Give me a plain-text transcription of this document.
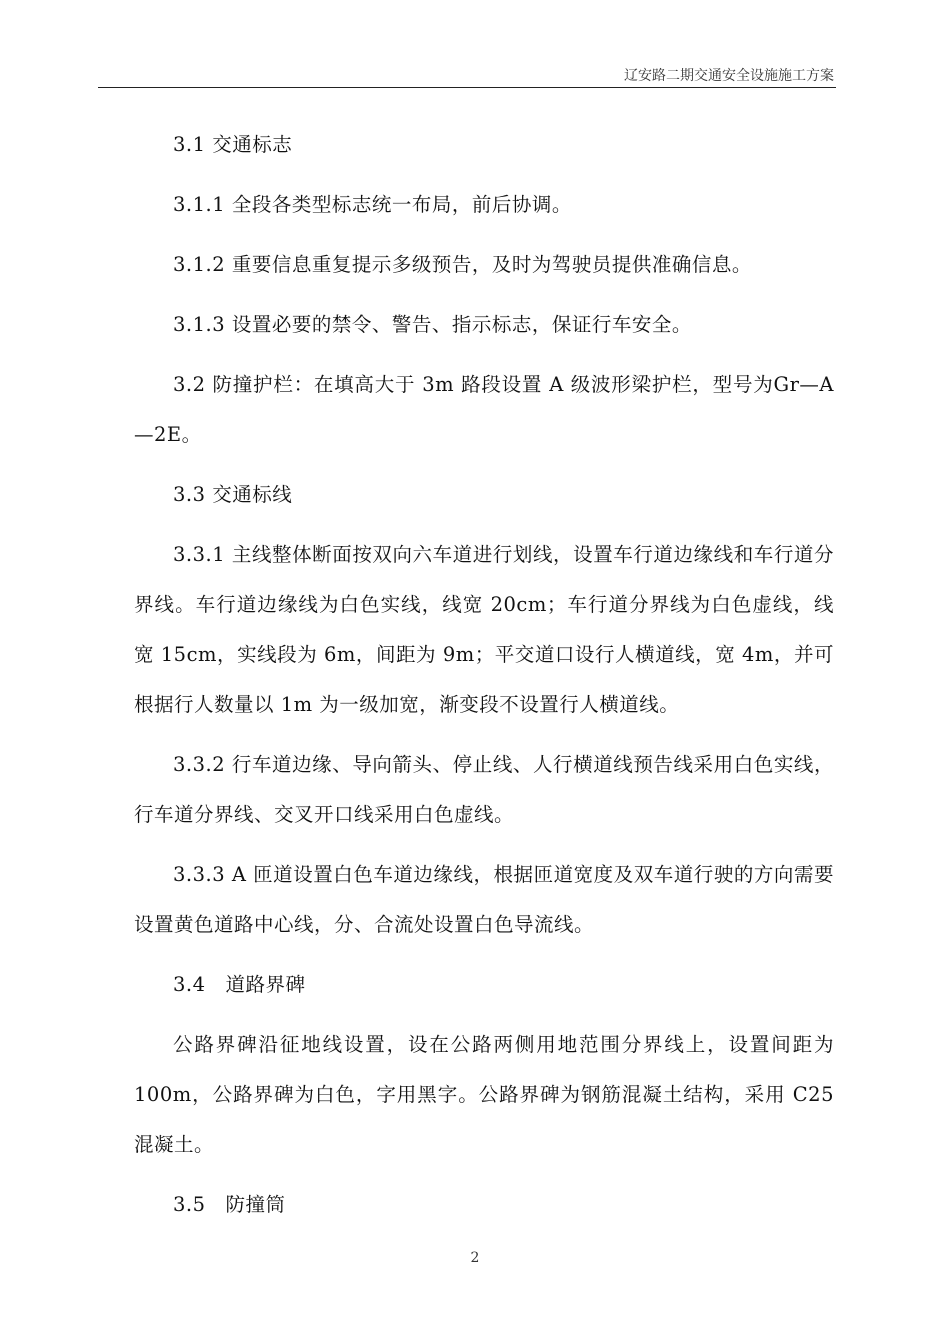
辽安路二期交通安全设施施工方案

3.1 交通标志

3.1.1 全段各类型标志统一布局，前后协调。

3.1.2 重要信息重复提示多级预告，及时为驾驶员提供准确信息。

3.1.3 设置必要的禁令、警告、指示标志，保证行车安全。

3.2 防撞护栏：在填高大于 3m 路段设置 A 级波形梁护栏，型号为Gr—A—2E。

3.3 交通标线

3.3.1 主线整体断面按双向六车道进行划线，设置车行道边缘线和车行道分界线。车行道边缘线为白色实线，线宽 20cm；车行道分界线为白色虚线，线宽 15cm，实线段为 6m，间距为 9m；平交道口设行人横道线，宽 4m，并可根据行人数量以 1m 为一级加宽，渐变段不设置行人横道线。

3.3.2 行车道边缘、导向箭头、停止线、人行横道线预告线采用白色实线，行车道分界线、交叉开口线采用白色虚线。

3.3.3 A 匝道设置白色车道边缘线，根据匝道宽度及双车道行驶的方向需要设置黄色道路中心线，分、合流处设置白色导流线。

3.4　道路界碑

公路界碑沿征地线设置，设在公路两侧用地范围分界线上，设置间距为 100m，公路界碑为白色，字用黑字。公路界碑为钢筋混凝土结构，采用 C25 混凝土。

3.5　防撞筒

2
